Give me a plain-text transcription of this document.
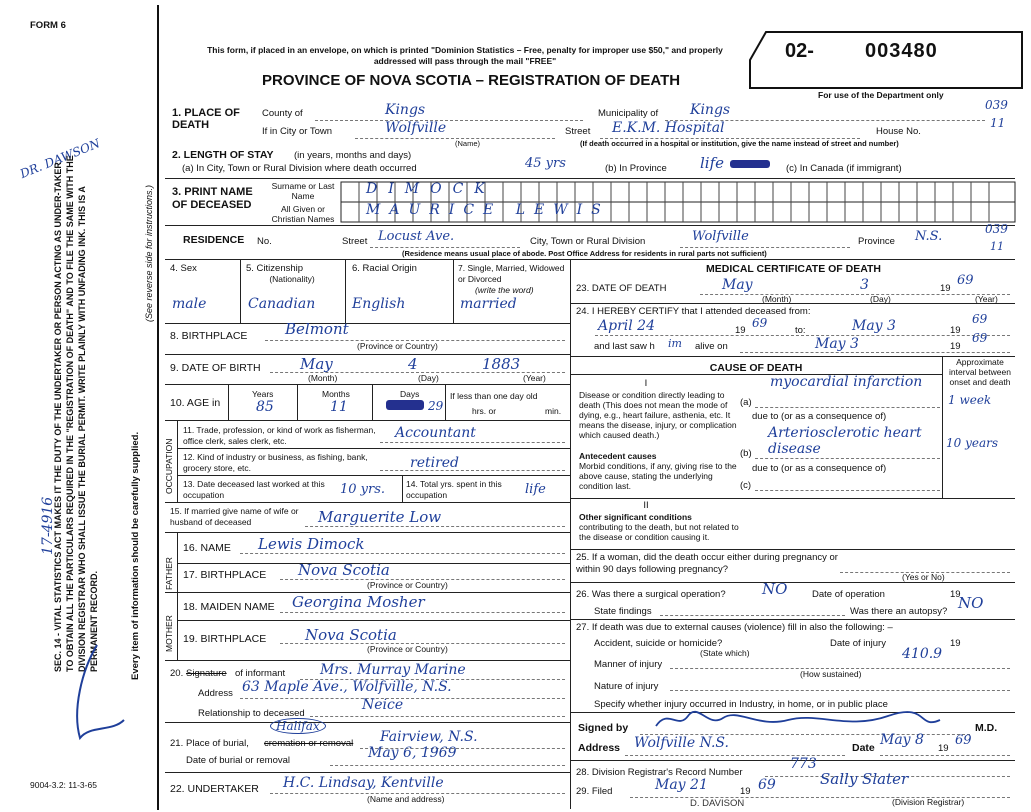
FORM 6
DR. DAWSON
17-4916
SEC. 14 - VITAL STATISTICS ACT MAKES IT THE DUTY OF THE UNDERTAKER OR PERSON ACTING AS UNDER-TAKER TO OBTAIN ALL THE PARTICULARS REQUIRED IN THE "REGISTRATION OF DEATH" AND TO FILE THE SAME WITH THE DIVISION REGISTRAR WHO SHALL ISSUE THE BURIAL PERMIT. WRITE PLAINLY WITH UNFADING INK. THIS IS A PERMANENT RECORD.	Every item of information should be carefully supplied.
(See reverse side for instructions.)
9004-3.2: 11-3-65
This form, if placed in an envelope, on which is printed "Dominion Statistics – Free, penalty for improper use $50," and properly addressed will pass through the mail "FREE"
PROVINCE OF NOVA SCOTIA – REGISTRATION OF DEATH
02-	003480
For use of the Department only
1. PLACE OF DEATH
County of	Kings	Municipality of Kings	039
If in City or Town	Wolfville	Street E.K.M. Hospital	House No.
11
(Name)	(If death occurred in a hospital or institution, give the name instead of street and number)
2. LENGTH OF STAY (in years, months and days)
(a) In City, Town or Rural Division where death occurred	45 yrs	(b) In Province life	(c) In Canada (if immigrant)
3. PRINT NAME OF DECEASED
Surname or Last Name
All Given or Christian Names
DIMOCK
MAURICE LEWIS
RESIDENCE No.	Street Locust Ave.	City, Town or Rural Division	Wolfville	Province N.S.	039
11
(Residence means usual place of abode. Post Office Address for residents in rural parts not sufficient)
4. Sex	5. Citizenship
(Nationality)
6. Racial Origin	7. Single, Married, Widowed or Divorced
(write the word)
male	Canadian	English	married
8. BIRTHPLACE	Belmont
(Province or Country)
9. DATE OF BIRTH	May	4	1883
(Month)	(Day)	(Year)
10. AGE in
Years	Months	Days
85	11	29
If less than one day old
hrs. or	min.
OCCUPATION
11. Trade, profession, or kind of work as fisherman, office clerk, sales clerk, etc.	Accountant
12. Kind of industry or business, as fishing, bank, grocery store, etc.	retired
13. Date deceased last worked at this occupation	10 yrs. 14. Total yrs. spent in this occupation	life
15. If married give name of wife or husband of deceased	Marguerite Low
FATHER
16. NAME Lewis Dimock
17. BIRTHPLACE Nova Scotia
(Province or Country)
MOTHER
18. MAIDEN NAME Georgina Mosher
19. BIRTHPLACE	Nova Scotia
(Province or Country)
20. Signature of informant Mrs. Murray Marine
Address 63 Maple Ave., Wolfville, N.S.
Relationship to deceased
Neice
21. Place of burial, cremation or removal
Halifax
Fairview, N.S.
Date of burial or removal	May 6, 1969
22. UNDERTAKER H.C. Lindsay, Kentville
(Name and address)
MEDICAL CERTIFICATE OF DEATH
23. DATE OF DEATH	May	3	19
69
(Month)	(Day)	(Year)
24. I HEREBY CERTIFY that I attended deceased from:
April 24	19
69
to:	May 3	19
69
and last saw h im alive on	May 3	19
69
CAUSE OF DEATH	Approximate interval between onset and death
I
Disease or condition directly leading to death (This does not mean the mode of dying, e.g., heart failure, asthenia, etc. It means the disease, injury, or complication which caused death.)
(a)
myocardial infarction
1 week
due to (or as a consequence of)
Antecedent causes
Morbid conditions, if any, giving rise to the above cause, stating the underlying condition last.
(b)
Arteriosclerotic heart disease	10 years
due to (or as a consequence of)
(c)
II
Other significant conditions
contributing to the death, but not related to the disease or condition causing it.
25. If a woman, did the death occur either during pregnancy or within 90 days following pregnancy?
(Yes or No)
26. Was there a surgical operation? NO	Date of operation	19
State findings	Was there an autopsy? NO
27. If death was due to external causes (violence) fill in also the following: –
Accident, suicide or homicide?	Date of injury	19
(State which)	410.9
Manner of injury
(How sustained)
Nature of injury
Specify whether injury occurred in Industry, in home, or in public place
Signed by	M.D.
Address Wolfville N.S.	Date May 8
19
69
28. Division Registrar's Record Number
773
29. Filed	May 21	19 69	Sally Slater
(Division Registrar)
D. DAVISON
